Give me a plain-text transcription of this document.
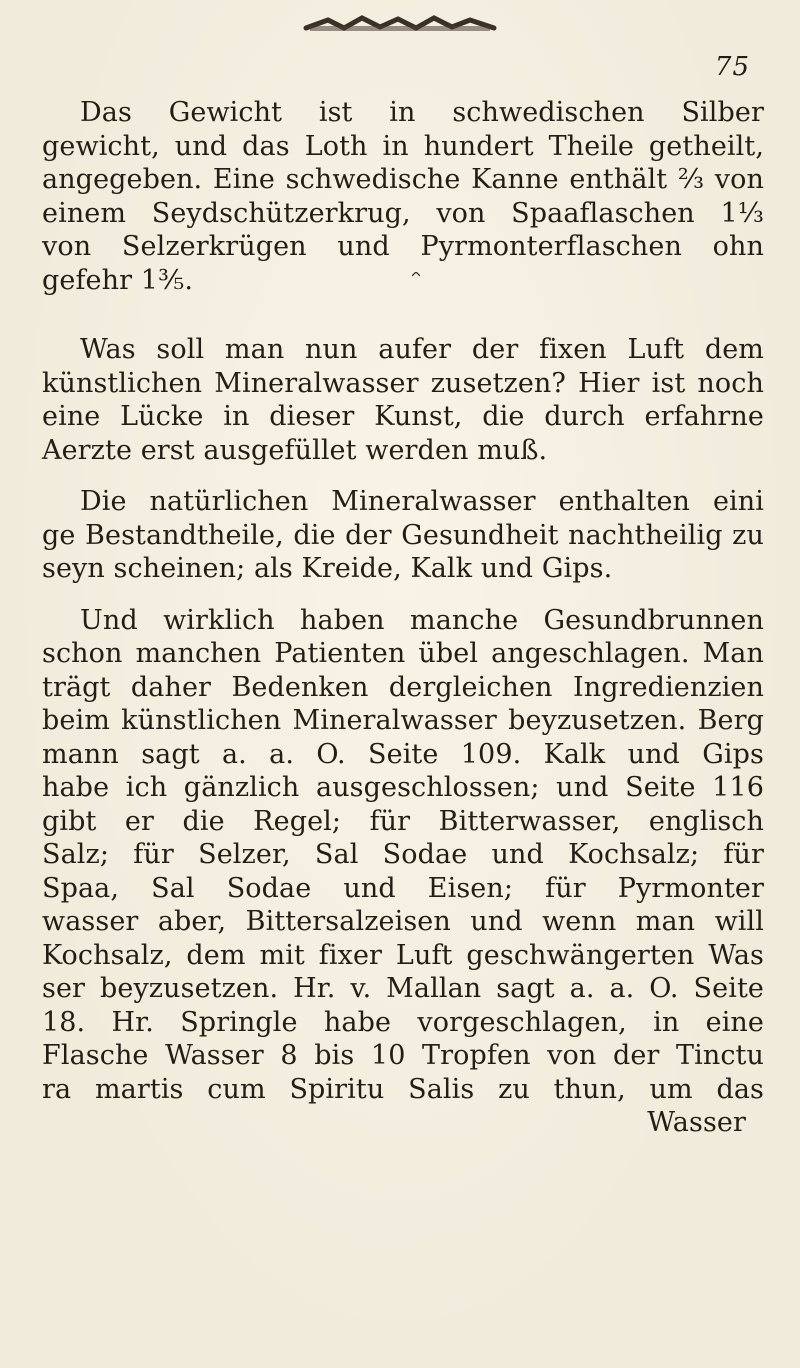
75
Das Gewicht ist in schwedischen Silber
gewicht, und das Loth in hundert Theile getheilt,
angegeben. Eine schwedische Kanne enthält ⅔ von
einem Seydschützerkrug, von Spaaflaschen 1⅓
von Selzerkrügen und Pyrmonterflaschen ohn
gefehr 1⅗.
Was soll man nun aufer der fixen Luft dem
künstlichen Mineralwasser zusetzen? Hier ist noch
eine Lücke in dieser Kunst, die durch erfahrne
Aerzte erst ausgefüllet werden muß.
Die natürlichen Mineralwasser enthalten eini
ge Bestandtheile, die der Gesundheit nachtheilig zu
seyn scheinen; als Kreide, Kalk und Gips.
Und wirklich haben manche Gesundbrunnen
schon manchen Patienten übel angeschlagen. Man
trägt daher Bedenken dergleichen Ingredienzien
beim künstlichen Mineralwasser beyzusetzen. Berg
mann sagt a. a. O. Seite 109. Kalk und Gips
habe ich gänzlich ausgeschlossen; und Seite 116
gibt er die Regel; für Bitterwasser, englisch
Salz; für Selzer, Sal Sodae und Kochsalz; für
Spaa, Sal Sodae und Eisen; für Pyrmonter
wasser aber, Bittersalzeisen und wenn man will
Kochsalz, dem mit fixer Luft geschwängerten Was
ser beyzusetzen. Hr. v. Mallan sagt a. a. O. Seite
18. Hr. Springle habe vorgeschlagen, in eine
Flasche Wasser 8 bis 10 Tropfen von der Tinctu
ra martis cum Spiritu Salis zu thun, um das
Wasser
